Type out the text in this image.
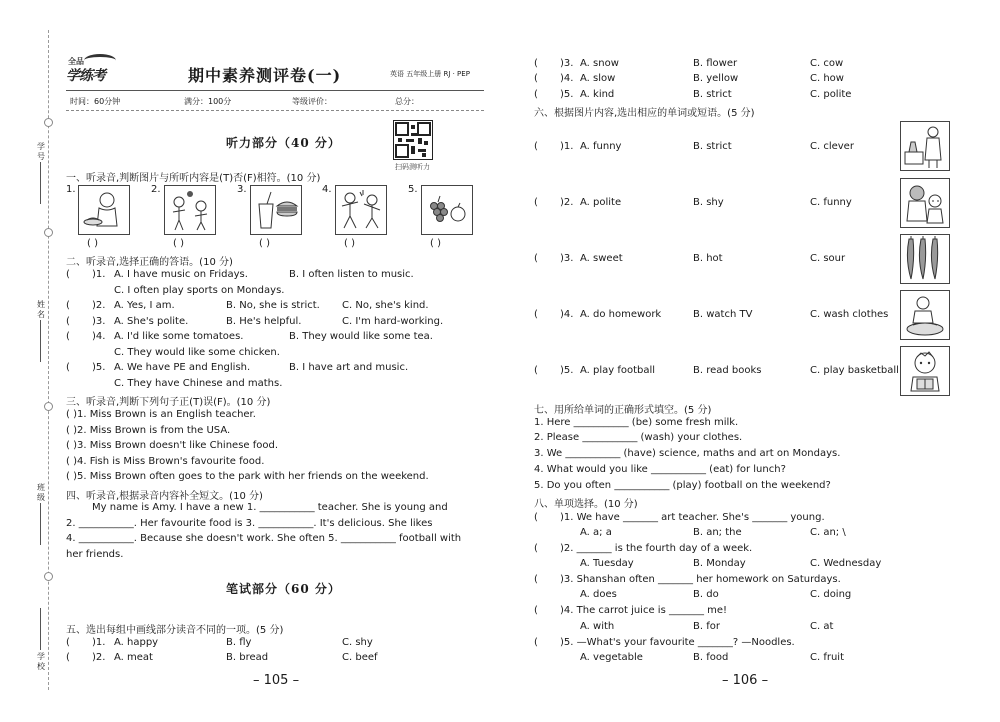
学号
姓名
班级
学校
全品
学练考	期中素养测评卷(一)	英语 五年级上册 RJ · PEP
时间：60分钟	满分：100分	等级评价：	总分：
听力部分（40 分）
扫码测听力
一、听录音,判断图片与所听内容是(T)否(F)相符。(10 分)
1.	2.	3.	4.	5.
( )	( )	( )	( )	( )
二、听录音,选择正确的答语。(10 分)
( )1. A. I have music on Fridays.	B. I often listen to music.
C. I often play sports on Mondays.
( )2. A. Yes, I am.	B. No, she is strict. C. No, she's kind.
( )3. A. She's polite.	B. He's helpful.	C. I'm hard-working.
( )4. A. I'd like some tomatoes.	B. They would like some tea.
C. They would like some chicken.
( )5. A. We have PE and English.	B. I have art and music.
C. They have Chinese and maths.
三、听录音,判断下列句子正(T)误(F)。(10 分)
( )1. Miss Brown is an English teacher.
( )2. Miss Brown is from the USA.
( )3. Miss Brown doesn't like Chinese food.
( )4. Fish is Miss Brown's favourite food.
( )5. Miss Brown often goes to the park with her friends on the weekend.
四、听录音,根据录音内容补全短文。(10 分)
My name is Amy. I have a new 1. ___________ teacher. She is young and
2. ___________. Her favourite food is 3. ___________. It's delicious. She likes
4. ___________. Because she doesn't work. She often 5. ___________ football with
her friends.
笔试部分（60 分）
五、选出每组中画线部分读音不同的一项。(5 分)
( )1. A. happy	B. fly	C. shy
( )2. A. meat	B. bread	C. beef
– 105 –
( )3. A. snow	B. flower	C. cow
( )4. A. slow	B. yellow	C. how
( )5. A. kind	B. strict	C. polite
六、根据图片内容,选出相应的单词或短语。(5 分)
( )1. A. funny	B. strict	C. clever
( )2. A. polite	B. shy	C. funny
( )3. A. sweet	B. hot	C. sour
( )4. A. do homework	B. watch TV	C. wash clothes
( )5. A. play football	B. read books	C. play basketball
七、用所给单词的正确形式填空。(5 分)
1. Here ___________ (be) some fresh milk.
2. Please ___________ (wash) your clothes.
3. We ___________ (have) science, maths and art on Mondays.
4. What would you like ___________ (eat) for lunch?
5. Do you often ___________ (play) football on the weekend?
八、单项选择。(10 分)
( )1. We have _______ art teacher. She's _______ young.
A. a; a	B. an; the	C. an; \
( )2. _______ is the fourth day of a week.
A. Tuesday	B. Monday	C. Wednesday
( )3. Shanshan often _______ her homework on Saturdays.
A. does	B. do	C. doing
( )4. The carrot juice is _______ me!
A. with	B. for	C. at
( )5. —What's your favourite _______? —Noodles.
A. vegetable	B. food	C. fruit
– 106 –
